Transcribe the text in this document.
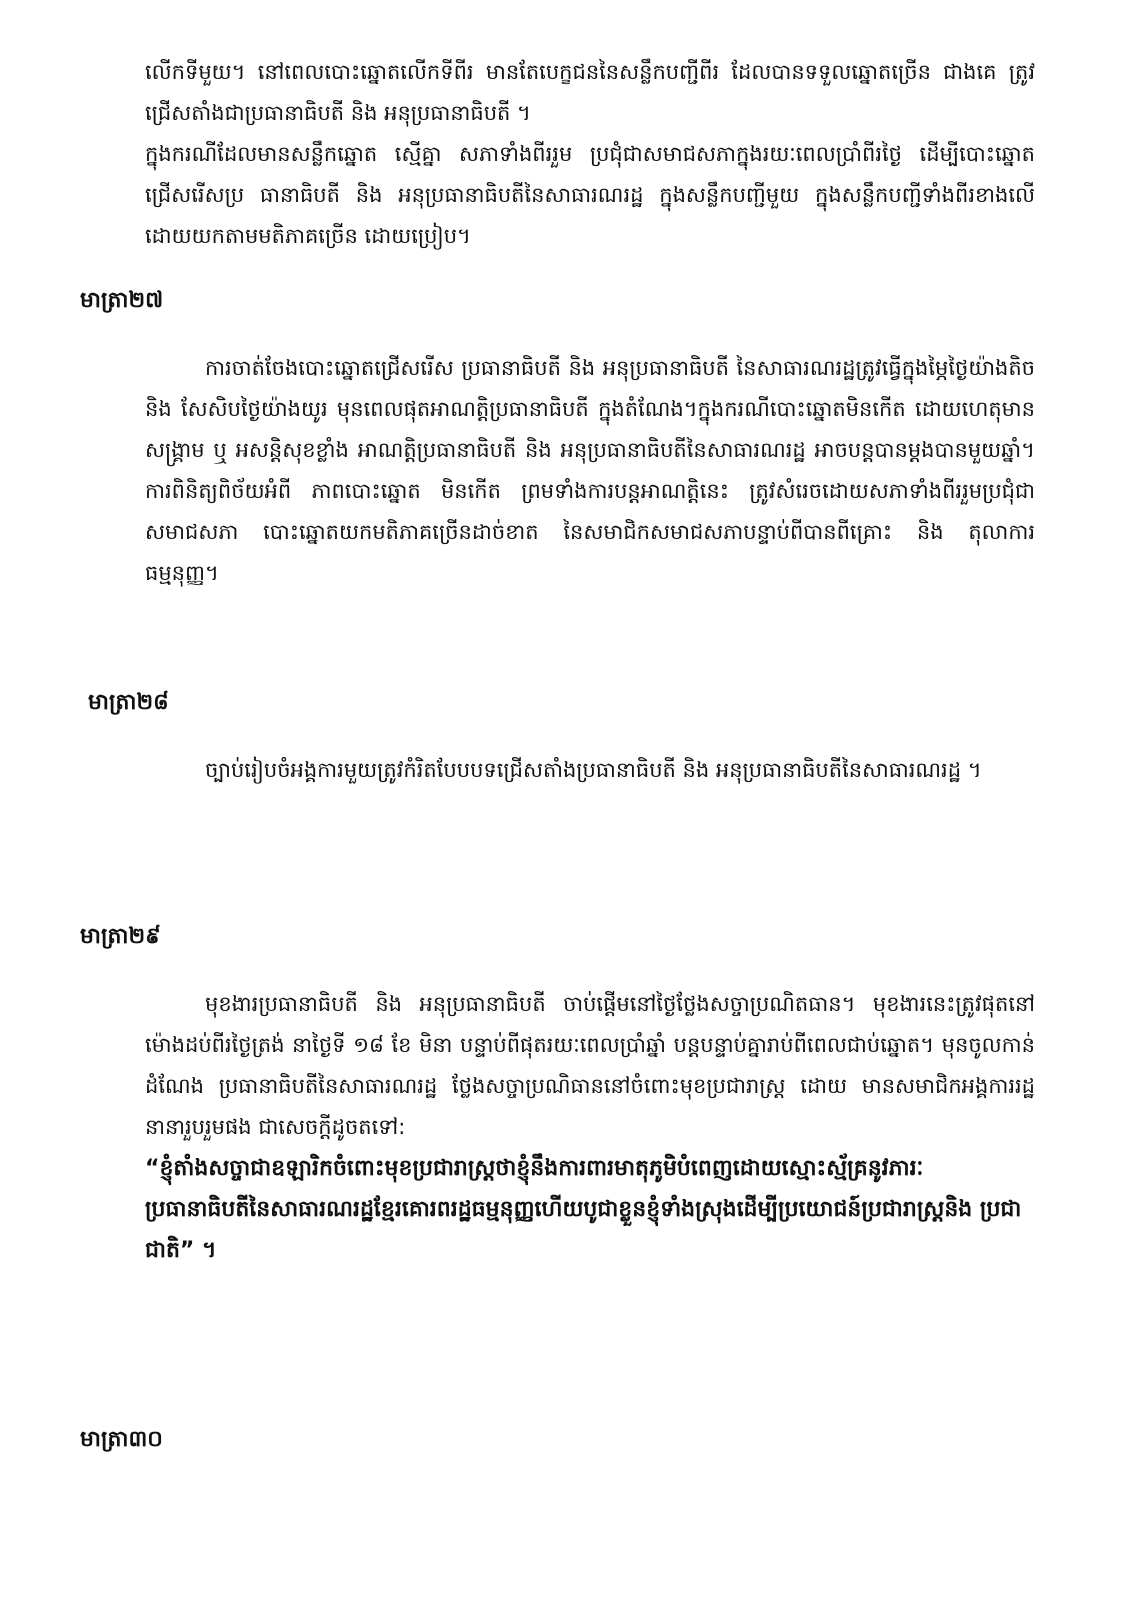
លើកទីមួយ។ នៅពេលបោះឆ្នោតលើកទីពីរ មានតែបេក្ខជននៃសន្លឹកបញ្ជីពីរ ដែលបានទទួលឆ្នោតច្រើន ជាងគេ ត្រូវជ្រើសតាំងជាប្រធានាធិបតី និង អនុប្រធានាធិបតី ។

ក្នុងករណីដែលមានសន្លឹកឆ្នោត ស្មើគ្នា សភាទាំងពីររួម ប្រជុំជាសមាជសភាក្នុងរយៈពេលប្រាំពីរថ្ងៃ ដើម្បីបោះឆ្នោតជ្រើសរើសប្រ ធានាធិបតី និង អនុប្រធានាធិបតីនៃសាធារណរដ្ឋ ក្នុងសន្លឹកបញ្ជីមួយ ក្នុងសន្លឹកបញ្ជីទាំងពីរខាងលើ ដោយយកតាមមតិភាគច្រើន ដោយប្រៀប។

មាត្រា២៧

ការចាត់ចែងបោះឆ្នោតជ្រើសរើស ប្រធានាធិបតី និង អនុប្រធានាធិបតី នៃសាធារណរដ្ឋត្រូវធ្វើក្នុងម្ភៃថ្ងៃយ៉ាងតិច និង សែសិបថ្ងៃយ៉ាងយូរ មុនពេលផុតអាណត្តិប្រធានាធិបតី ក្នុងតំណែង។ក្នុងករណីបោះឆ្នោតមិនកើត ដោយហេតុមានសង្គ្រាម ឬ អសន្តិសុខខ្លាំង អាណត្តិប្រធានាធិបតី និង អនុប្រធានាធិបតីនៃសាធារណរដ្ឋ អាចបន្តបានម្តងបានមួយឆ្នាំ។ ការពិនិត្យពិច័យអំពី ភាពបោះឆ្នោត មិនកើត ព្រមទាំងការបន្តអាណត្តិនេះ ត្រូវសំរេចដោយសភាទាំងពីររួមប្រជុំជា សមាជសភា បោះឆ្នោតយកមតិភាគច្រើនដាច់ខាត នៃសមាជិកសមាជសភាបន្ទាប់ពីបានពីគ្រោះ និង តុលាការធម្មនុញ្ញ។

មាត្រា២៨

ច្បាប់រៀបចំអង្គការមួយត្រូវកំរិតបែបបទជ្រើសតាំងប្រធានាធិបតី និង អនុប្រធានាធិបតីនៃសាធារណរដ្ឋ ។

មាត្រា២៩

មុខងារប្រធានាធិបតី និង អនុប្រធានាធិបតី ចាប់ផ្តើមនៅថ្ងៃថ្លែងសច្ចាប្រណិតធាន។ មុខងារនេះត្រូវផុតនៅម៉ោងដប់ពីរថ្ងៃត្រង់ នាថ្ងៃទី ១៨ ខែ មិនា បន្ទាប់ពីផុតរយៈពេលប្រាំឆ្នាំ បន្តបន្ទាប់គ្នារាប់ពីពេលជាប់ឆ្នោត។ មុនចូលកាន់ដំណែង ប្រធានាធិបតីនៃសាធារណរដ្ឋ ថ្លែងសច្ចាប្រណិធាននៅចំពោះមុខប្រជារាស្ត្រ ដោយ មានសមាជិកអង្គការរដ្ឋនានារួបរួមផង ជាសេចក្តីដូចតទៅ:

“ខ្ញុំតាំងសច្ចាជាឧឡារិកចំពោះមុខប្រជារាស្ត្រថាខ្ញុំនឹងការពារមាតុភូមិបំពេញដោយស្មោះស្ម័គ្រនូវភារៈប្រធានាធិបតីនៃសាធារណរដ្ឋខ្មែរគោរពរដ្ឋធម្មនុញ្ញហើយបូជាខ្លួនខ្ញុំទាំងស្រុងដើម្បីប្រយោជន៍ប្រជារាស្ត្រនិង ប្រជាជាតិ” ។

មាត្រា៣០
